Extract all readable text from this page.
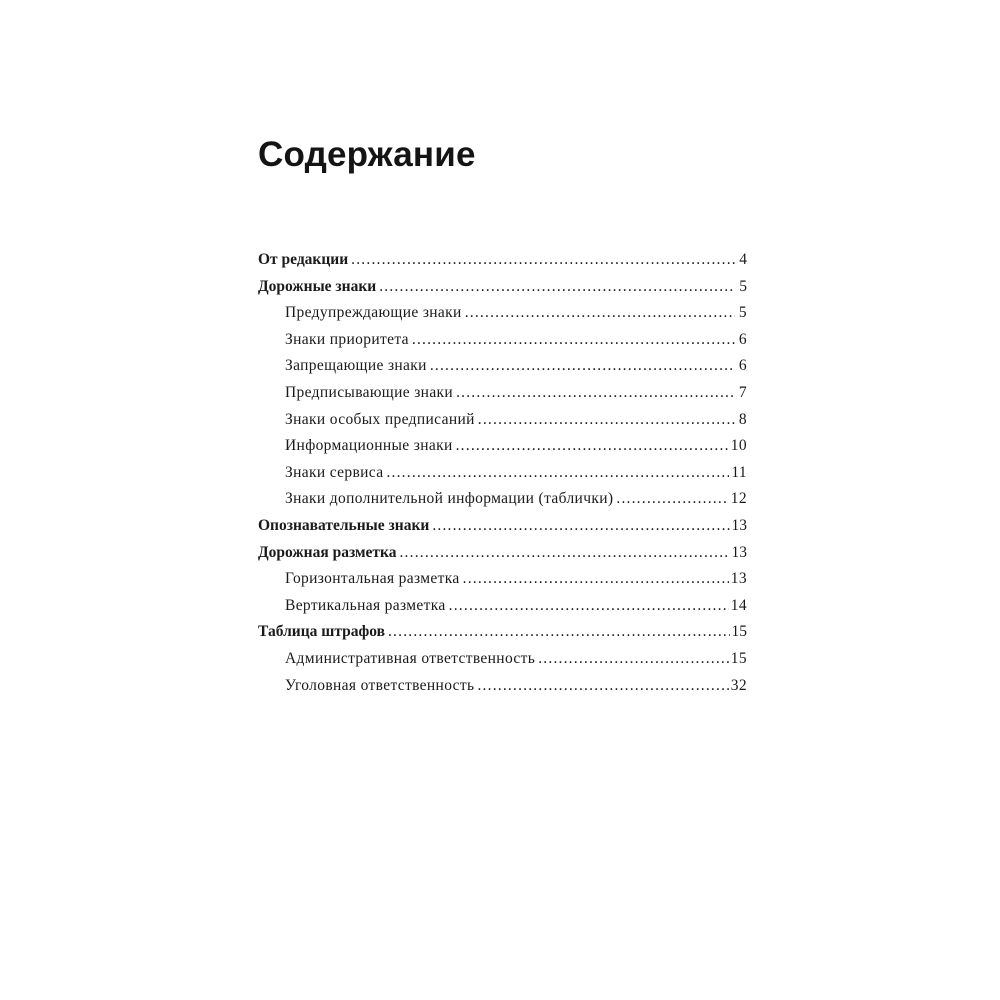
Содержание
От редакции .....	4
Дорожные знаки .....	5
Предупреждающие знаки .....	5
Знаки приоритета .....	6
Запрещающие знаки .....	6
Предписывающие знаки .....	7
Знаки особых предписаний .....	8
Информационные знаки .....	10
Знаки сервиса .....	11
Знаки дополнительной информации (таблички) .....	12
Опознавательные знаки .....	13
Дорожная разметка .....	13
Горизонтальная разметка .....	13
Вертикальная разметка .....	14
Таблица штрафов .....	15
Административная ответственность .....	15
Уголовная ответственность .....	32
